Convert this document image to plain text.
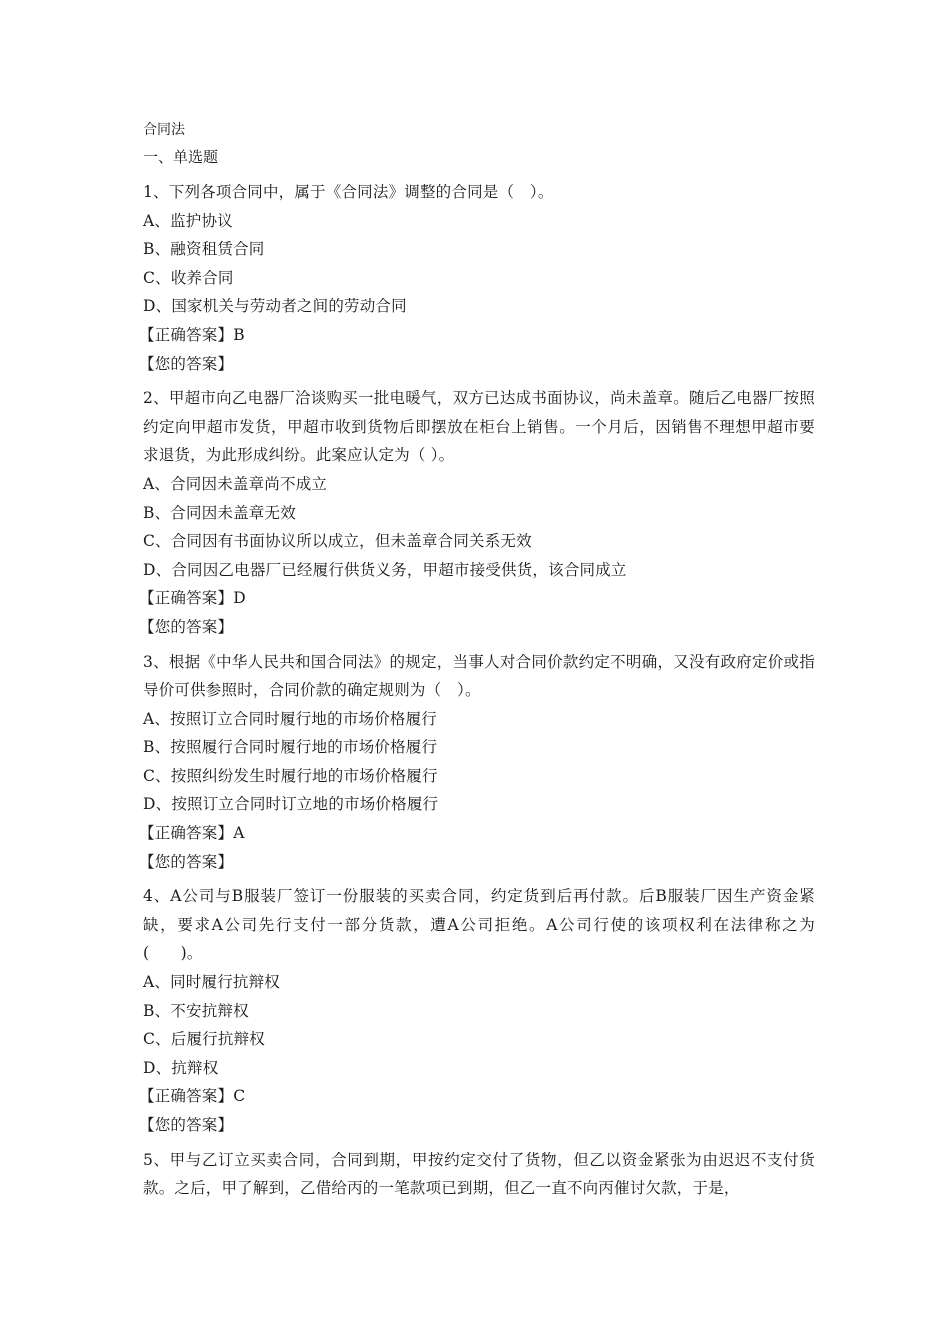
合同法
一、单选题

1、下列各项合同中，属于《合同法》调整的合同是（　）。

A、监护协议

B、融资租赁合同

C、收养合同

D、国家机关与劳动者之间的劳动合同

【正确答案】B

【您的答案】

2、甲超市向乙电器厂洽谈购买一批电暖气，双方已达成书面协议，尚未盖章。随后乙电器厂按照约定向甲超市发货，甲超市收到货物后即摆放在柜台上销售。一个月后，因销售不理想甲超市要求退货，为此形成纠纷。此案应认定为（ ）。

A、合同因未盖章尚不成立

B、合同因未盖章无效

C、合同因有书面协议所以成立，但未盖章合同关系无效

D、合同因乙电器厂已经履行供货义务，甲超市接受供货，该合同成立

【正确答案】D

【您的答案】

3、根据《中华人民共和国合同法》的规定，当事人对合同价款约定不明确，又没有政府定价或指导价可供参照时，合同价款的确定规则为（　）。

A、按照订立合同时履行地的市场价格履行

B、按照履行合同时履行地的市场价格履行

C、按照纠纷发生时履行地的市场价格履行

D、按照订立合同时订立地的市场价格履行

【正确答案】A

【您的答案】

4、A公司与B服装厂签订一份服装的买卖合同，约定货到后再付款。后B服装厂因生产资金紧缺，要求A公司先行支付一部分货款，遭A公司拒绝。A公司行使的该项权利在法律称之为(　　)。

A、同时履行抗辩权

B、不安抗辩权

C、后履行抗辩权

D、抗辩权

【正确答案】C

【您的答案】

5、甲与乙订立买卖合同，合同到期，甲按约定交付了货物，但乙以资金紧张为由迟迟不支付货款。之后，甲了解到，乙借给丙的一笔款项已到期，但乙一直不向丙催讨欠款，于是，
